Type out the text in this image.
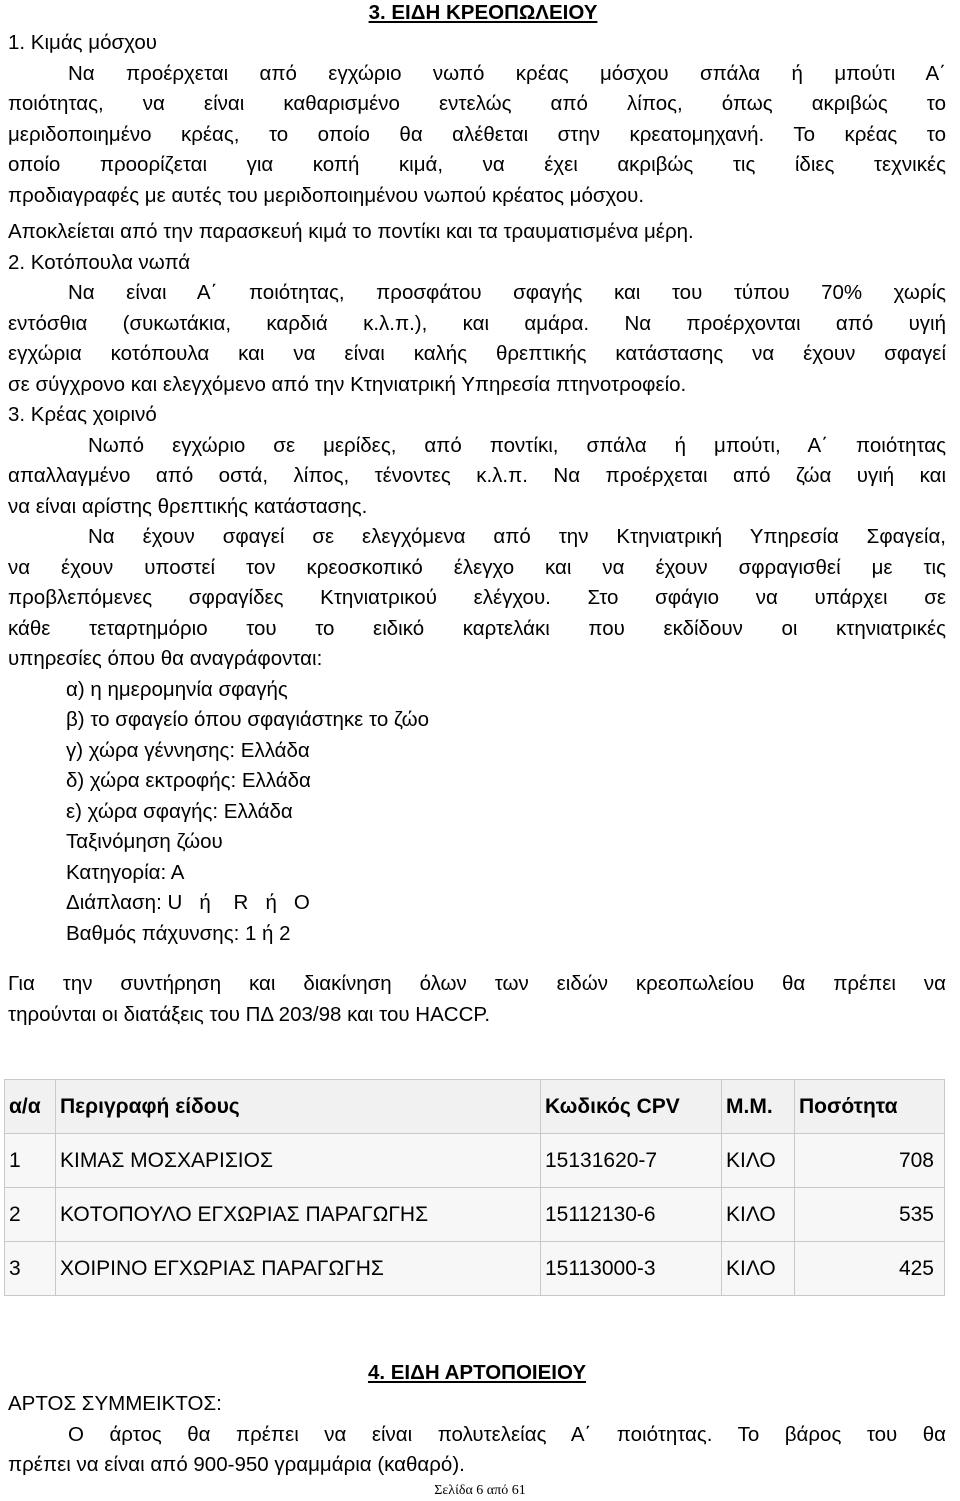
3. ΕΙΔΗ ΚΡΕΟΠΩΛΕΙΟΥ
1. Κιμάς μόσχου
Να προέρχεται από εγχώριο νωπό κρέας μόσχου σπάλα ή μπούτι Α΄
ποιότητας, να είναι καθαρισμένο εντελώς από λίπος, όπως ακριβώς το
μεριδοποιημένο κρέας, το οποίο θα αλέθεται στην κρεατομηχανή. Το κρέας το
οποίο προορίζεται για κοπή κιμά, να έχει ακριβώς τις ίδιες τεχνικές
προδιαγραφές με αυτές του μεριδοποιημένου νωπού κρέατος μόσχου.
Αποκλείεται από την παρασκευή κιμά το ποντίκι και τα τραυματισμένα μέρη.
2. Κοτόπουλα νωπά
Να είναι Α΄ ποιότητας, προσφάτου σφαγής και του τύπου 70% χωρίς
εντόσθια (συκωτάκια, καρδιά κ.λ.π.), και αμάρα. Να προέρχονται από υγιή
εγχώρια κοτόπουλα και να είναι καλής θρεπτικής κατάστασης να έχουν σφαγεί
σε σύγχρονο και ελεγχόμενο από την Κτηνιατρική Υπηρεσία πτηνοτροφείο.
3. Κρέας χοιρινό
Νωπό εγχώριο σε μερίδες, από ποντίκι, σπάλα ή μπούτι, Α΄ ποιότητας
απαλλαγμένο από οστά, λίπος, τένοντες κ.λ.π. Να προέρχεται από ζώα υγιή και
να είναι αρίστης θρεπτικής κατάστασης.
Να έχουν σφαγεί σε ελεγχόμενα από την Κτηνιατρική Υπηρεσία Σφαγεία,
να έχουν υποστεί τον κρεοσκοπικό έλεγχο και να έχουν σφραγισθεί με τις
προβλεπόμενες σφραγίδες Κτηνιατρικού ελέγχου. Στο σφάγιο να υπάρχει σε
κάθε τεταρτημόριο του το ειδικό καρτελάκι που εκδίδουν οι κτηνιατρικές
υπηρεσίες όπου θα αναγράφονται:
α) η ημερομηνία σφαγής
β) το σφαγείο όπου σφαγιάστηκε το ζώο
γ) χώρα γέννησης: Ελλάδα
δ) χώρα εκτροφής: Ελλάδα
ε) χώρα σφαγής: Ελλάδα
Ταξινόμηση ζώου
Κατηγορία: Α
Διάπλαση: U   ή    R   ή   O
Βαθμός πάχυνσης: 1 ή 2
Για την συντήρηση και διακίνηση όλων των ειδών κρεοπωλείου θα πρέπει να
τηρούνται οι διατάξεις του ΠΔ 203/98 και του HACCP.
α/α	Περιγραφή είδους	Κωδικός CPV	Μ.Μ.	Ποσότητα
1	ΚΙΜΑΣ ΜΟΣΧΑΡΙΣΙΟΣ	15131620-7	ΚΙΛΟ	708
2	ΚΟΤΟΠΟΥΛΟ ΕΓΧΩΡΙΑΣ ΠΑΡΑΓΩΓΗΣ	15112130-6	ΚΙΛΟ	535
3	ΧΟΙΡΙΝΟ ΕΓΧΩΡΙΑΣ ΠΑΡΑΓΩΓΗΣ	15113000-3	ΚΙΛΟ	425
4. ΕΙΔΗ ΑΡΤΟΠΟΙΕΙΟΥ
ΑΡΤΟΣ ΣΥΜΜΕΙΚΤΟΣ:
Ο άρτος θα πρέπει να είναι πολυτελείας Α΄ ποιότητας. Το βάρος του θα
πρέπει να είναι από 900-950 γραμμάρια (καθαρό).
Σελίδα 6 από 61
